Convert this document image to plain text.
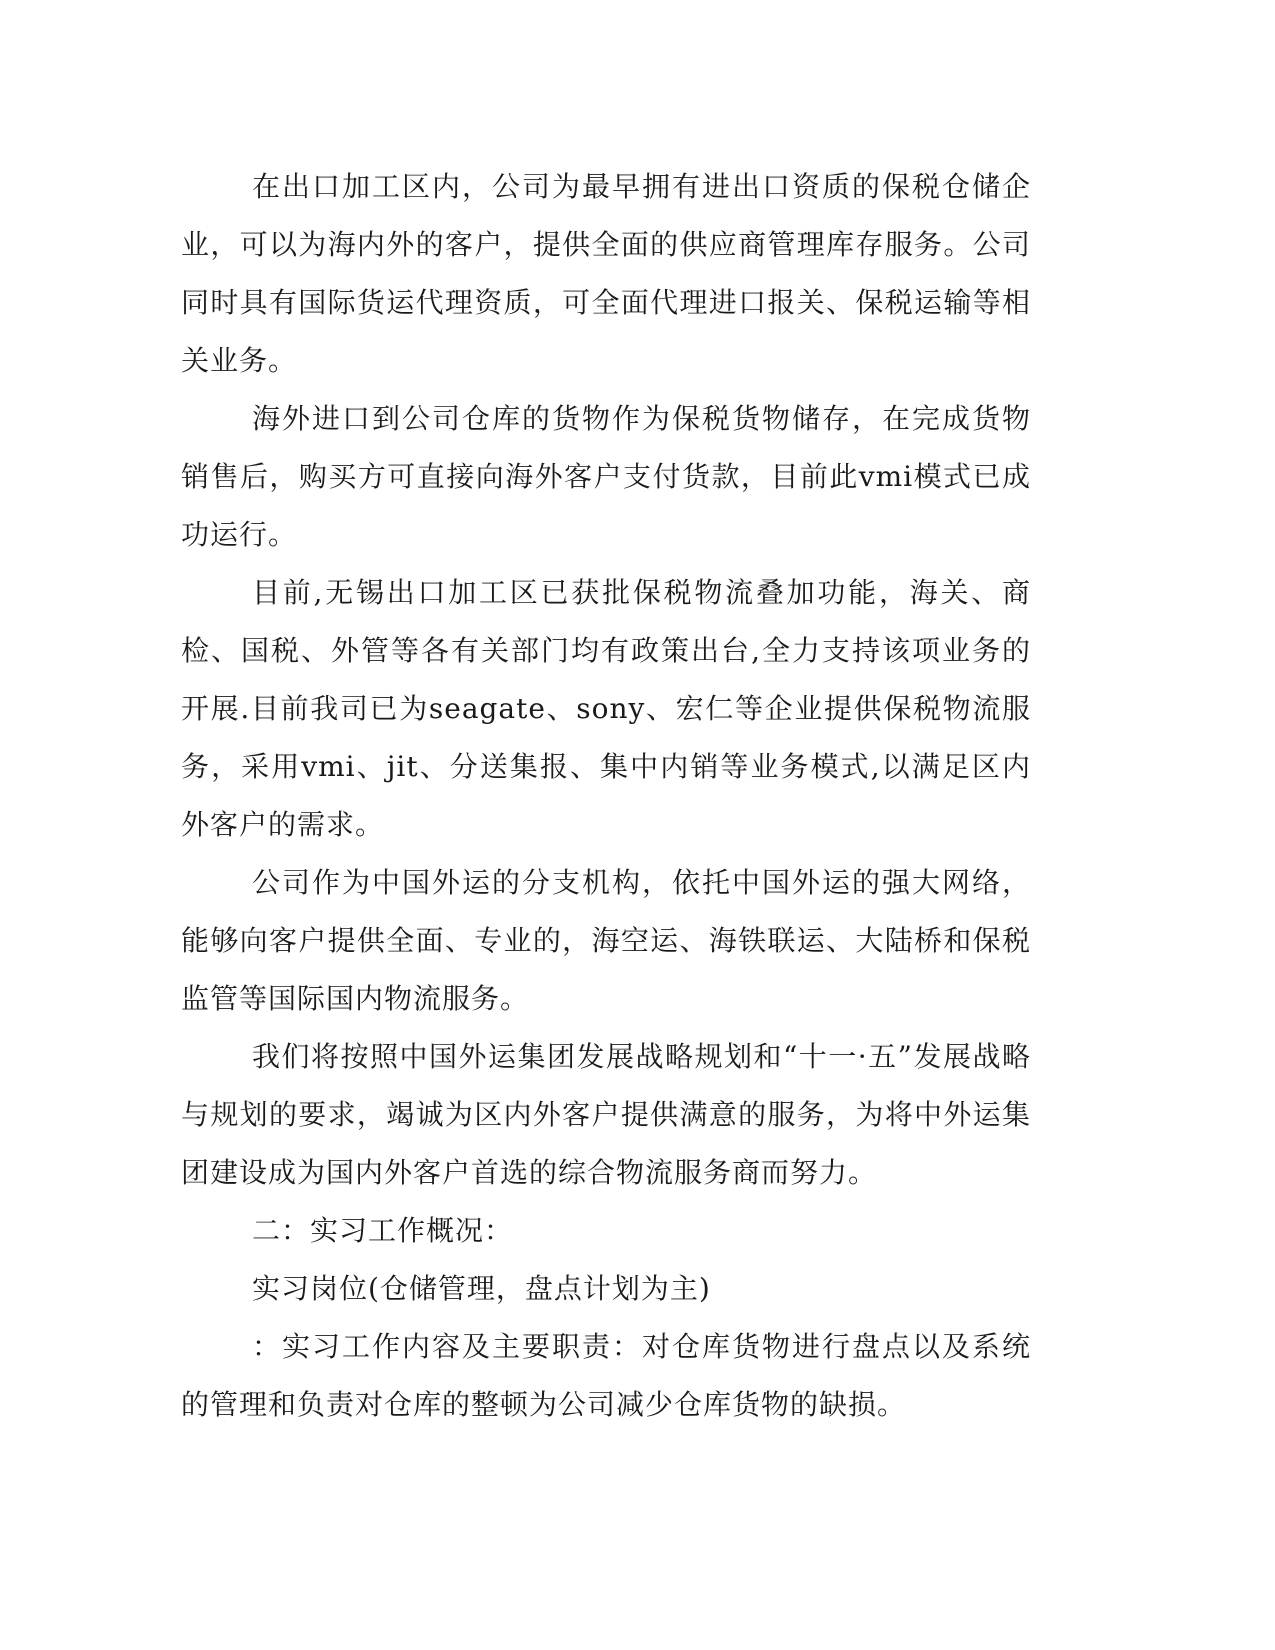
在出口加工区内，公司为最早拥有进出口资质的保税仓储企业，可以为海内外的客户，提供全面的供应商管理库存服务。公司同时具有国际货运代理资质，可全面代理进口报关、保税运输等相关业务。

海外进口到公司仓库的货物作为保税货物储存，在完成货物销售后，购买方可直接向海外客户支付货款，目前此vmi模式已成功运行。

目前,无锡出口加工区已获批保税物流叠加功能，海关、商检、国税、外管等各有关部门均有政策出台,全力支持该项业务的开展.目前我司已为seagate、sony、宏仁等企业提供保税物流服务，采用vmi、jit、分送集报、集中内销等业务模式,以满足区内外客户的需求。

公司作为中国外运的分支机构，依托中国外运的强大网络，能够向客户提供全面、专业的，海空运、海铁联运、大陆桥和保税监管等国际国内物流服务。

我们将按照中国外运集团发展战略规划和“十一·五”发展战略与规划的要求，竭诚为区内外客户提供满意的服务，为将中外运集团建设成为国内外客户首选的综合物流服务商而努力。

二：实习工作概况：

实习岗位(仓储管理，盘点计划为主)

：实习工作内容及主要职责：对仓库货物进行盘点以及系统的管理和负责对仓库的整顿为公司减少仓库货物的缺损。
